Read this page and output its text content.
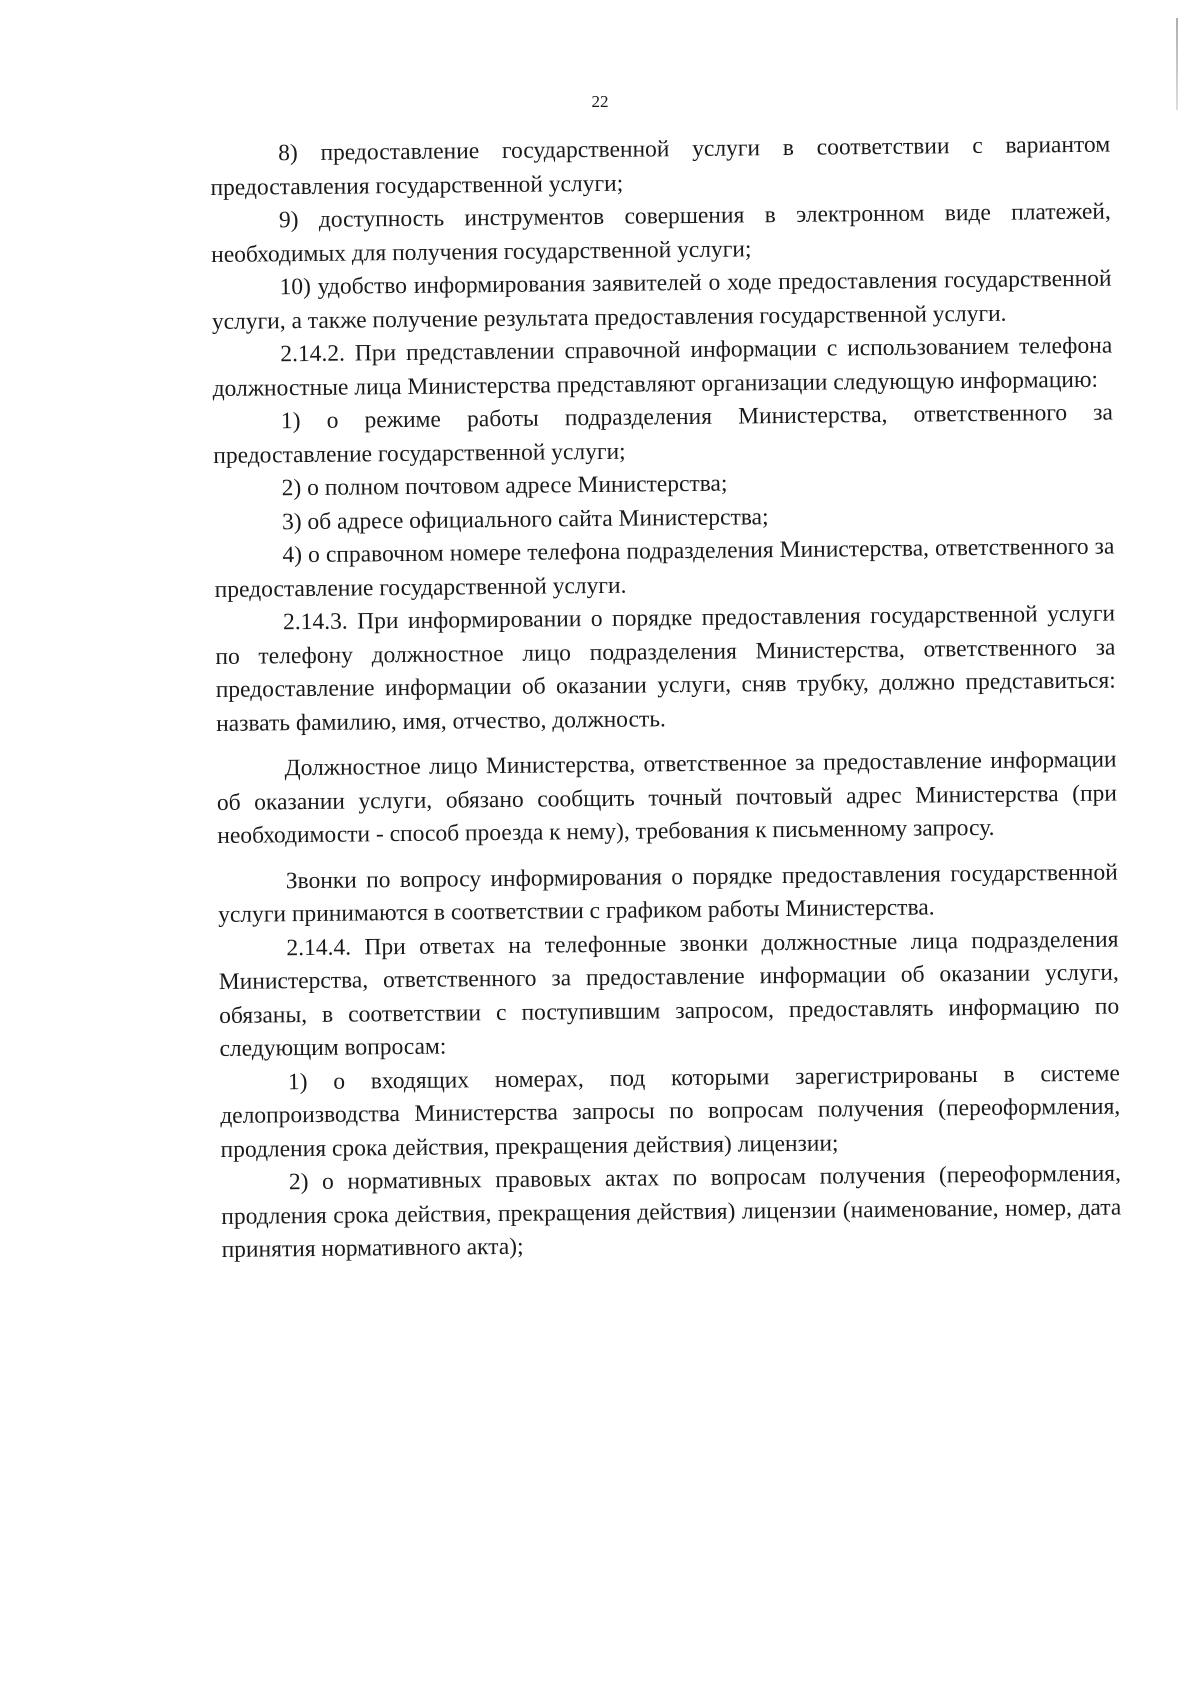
22

8) предоставление государственной услуги в соответствии с вариантом предоставления государственной услуги;

9) доступность инструментов совершения в электронном виде платежей, необходимых для получения государственной услуги;

10) удобство информирования заявителей о ходе предоставления государственной услуги, а также получение результата предоставления государственной услуги.

2.14.2. При представлении справочной информации с использованием телефона должностные лица Министерства представляют организации следующую информацию:

1) о режиме работы подразделения Министерства, ответственного за предоставление государственной услуги;

2) о полном почтовом адресе Министерства;

3) об адресе официального сайта Министерства;

4) о справочном номере телефона подразделения Министерства, ответственного за предоставление государственной услуги.

2.14.3. При информировании о порядке предоставления государственной услуги по телефону должностное лицо подразделения Министерства, ответственного за предоставление информации об оказании услуги, сняв трубку, должно представиться: назвать фамилию, имя, отчество, должность.

Должностное лицо Министерства, ответственное за предоставление информации об оказании услуги, обязано сообщить точный почтовый адрес Министерства (при необходимости - способ проезда к нему), требования к письменному запросу.

Звонки по вопросу информирования о порядке предоставления государственной услуги принимаются в соответствии с графиком работы Министерства.

2.14.4. При ответах на телефонные звонки должностные лица подразделения Министерства, ответственного за предоставление информации об оказании услуги, обязаны, в соответствии с поступившим запросом, предоставлять информацию по следующим вопросам:

1) о входящих номерах, под которыми зарегистрированы в системе делопроизводства Министерства запросы по вопросам получения (переоформления, продления срока действия, прекращения действия) лицензии;

2) о нормативных правовых актах по вопросам получения (переоформления, продления срока действия, прекращения действия) лицензии (наименование, номер, дата принятия нормативного акта);
